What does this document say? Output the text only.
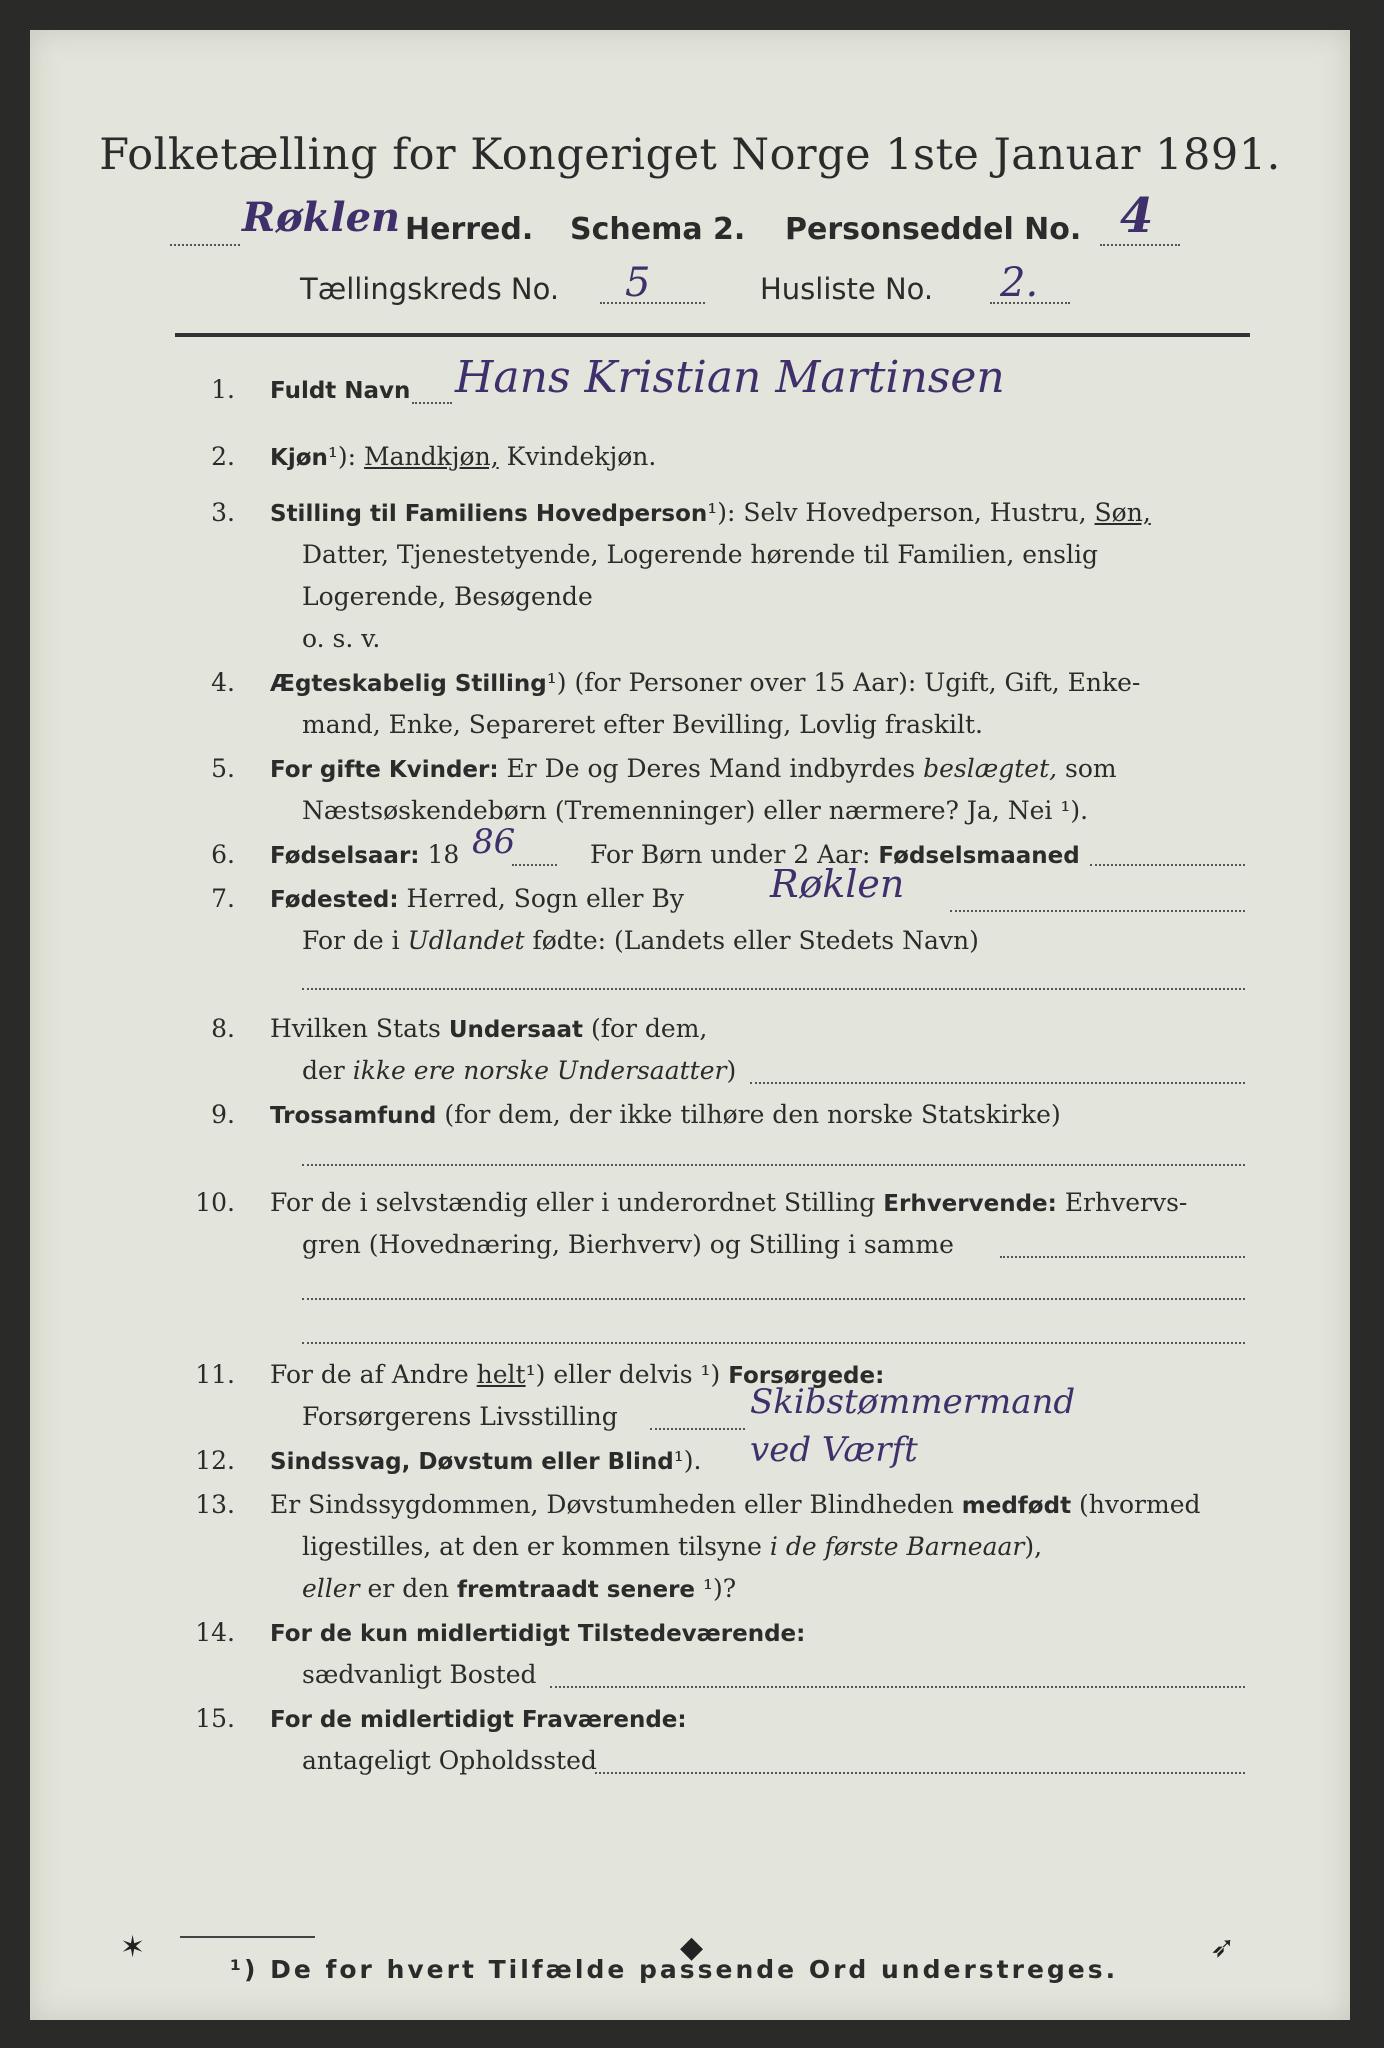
Folketælling for Kongeriget Norge 1ste Januar 1891.
Røklen Herred. Schema 2. Personseddel No. 4
Tællingskreds No. 5	Husliste No. 2.
1. Fuldt Navn Hans Kristian Martinsen
2. Kjøn¹): Mandkjøn, Kvindekjøn.
3. Stilling til Familiens Hovedperson¹): Selv Hovedperson, Hustru, Søn,
Datter, Tjenestetyende, Logerende hørende til Familien, enslig
Logerende, Besøgende
o. s. v.
4. Ægteskabelig Stilling¹) (for Personer over 15 Aar): Ugift, Gift, Enke-
mand, Enke, Separeret efter Bevilling, Lovlig fraskilt.
5. For gifte Kvinder: Er De og Deres Mand indbyrdes beslægtet, som
Næstsøskendebørn (Tremenninger) eller nærmere? Ja, Nei ¹).
6. Fødselsaar: 18 86	For Børn under 2 Aar: Fødselsmaaned
7. Fødested: Herred, Sogn eller By Røklen
For de i Udlandet fødte: (Landets eller Stedets Navn)
8. Hvilken Stats Undersaat (for dem,
der ikke ere norske Undersaatter)
9. Trossamfund (for dem, der ikke tilhøre den norske Statskirke)
10. For de i selvstændig eller i underordnet Stilling Erhvervende: Erhvervs-
gren (Hovednæring, Bierhverv) og Stilling i samme
11. For de af Andre helt¹) eller delvis ¹) Forsørgede:
Forsørgerens Livsstilling	Skibstømmermand
12. Sindssvag, Døvstum eller Blind¹). ved Værft
13. Er Sindssygdommen, Døvstumheden eller Blindheden medfødt (hvormed
ligestilles, at den er kommen tilsyne i de første Barneaar),
eller er den fremtraadt senere ¹)?
14. For de kun midlertidigt Tilstedeværende:
sædvanligt Bosted
15. For de midlertidigt Fraværende:
antageligt Opholdssted
¹) De for hvert Tilfælde passende Ord understreges.
✶	◆	➶
